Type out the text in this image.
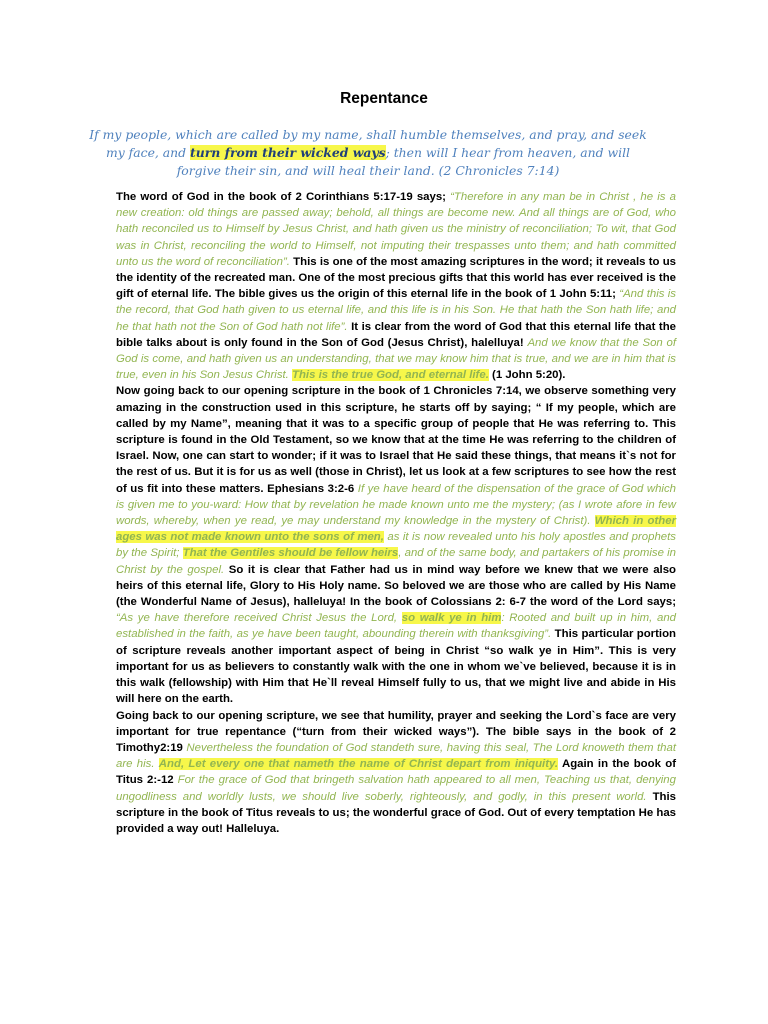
Repentance
If my people, which are called by my name, shall humble themselves, and pray, and seek my face, and turn from their wicked ways; then will I hear from heaven, and will forgive their sin, and will heal their land. (2 Chronicles 7:14)

The word of God in the book of 2 Corinthians 5:17-19 says; “Therefore in any man be in Christ , he is a new creation: old things are passed away; behold, all things are become new. And all things are of God, who hath reconciled us to Himself by Jesus Christ, and hath given us the ministry of reconciliation; To wit, that God was in Christ, reconciling the world to Himself, not imputing their trespasses unto them; and hath committed unto us the word of reconciliation”. This is one of the most amazing scriptures in the word; it reveals to us the identity of the recreated man. One of the most precious gifts that this world has ever received is the gift of eternal life. The bible gives us the origin of this eternal life in the book of 1 John 5:11; “And this is the record, that God hath given to us eternal life, and this life is in his Son. He that hath the Son hath life; and he that hath not the Son of God hath not life”. It is clear from the word of God that this eternal life that the bible talks about is only found in the Son of God (Jesus Christ), halelluya! And we know that the Son of God is come, and hath given us an understanding, that we may know him that is true, and we are in him that is true, even in his Son Jesus Christ. This is the true God, and eternal life. (1 John 5:20).

Now going back to our opening scripture in the book of 1 Chronicles 7:14, we observe something very amazing in the construction used in this scripture, he starts off by saying; “ If my people, which are called by my Name”, meaning that it was to a specific group of people that He was referring to. This scripture is found in the Old Testament, so we know that at the time He was referring to the children of Israel. Now, one can start to wonder; if it was to Israel that He said these things, that means it`s not for the rest of us. But it is for us as well (those in Christ), let us look at a few scriptures to see how the rest of us fit into these matters. Ephesians 3:2-6 If ye have heard of the dispensation of the grace of God which is given me to you-ward: How that by revelation he made known unto me the mystery; (as I wrote afore in few words, whereby, when ye read, ye may understand my knowledge in the mystery of Christ). Which in other ages was not made known unto the sons of men, as it is now revealed unto his holy apostles and prophets by the Spirit; That the Gentiles should be fellow heirs, and of the same body, and partakers of his promise in Christ by the gospel. So it is clear that Father had us in mind way before we knew that we were also heirs of this eternal life, Glory to His Holy name. So beloved we are those who are called by His Name (the Wonderful Name of Jesus), halleluya! In the book of Colossians 2: 6-7 the word of the Lord says; “As ye have therefore received Christ Jesus the Lord, so walk ye in him: Rooted and built up in him, and established in the faith, as ye have been taught, abounding therein with thanksgiving”. This particular portion of scripture reveals another important aspect of being in Christ “so walk ye in Him”. This is very important for us as believers to constantly walk with the one in whom we`ve believed, because it is in this walk (fellowship) with Him that He`ll reveal Himself fully to us, that we might live and abide in His will here on the earth.

Going back to our opening scripture, we see that humility, prayer and seeking the Lord`s face are very important for true repentance (“turn from their wicked ways”). The bible says in the book of 2 Timothy2:19 Nevertheless the foundation of God standeth sure, having this seal, The Lord knoweth them that are his. And, Let every one that nameth the name of Christ depart from iniquity. Again in the book of Titus 2:-12 For the grace of God that bringeth salvation hath appeared to all men, Teaching us that, denying ungodliness and worldly lusts, we should live soberly, righteously, and godly, in this present world. This scripture in the book of Titus reveals to us; the wonderful grace of God. Out of every temptation He has provided a way out! Halleluya.
